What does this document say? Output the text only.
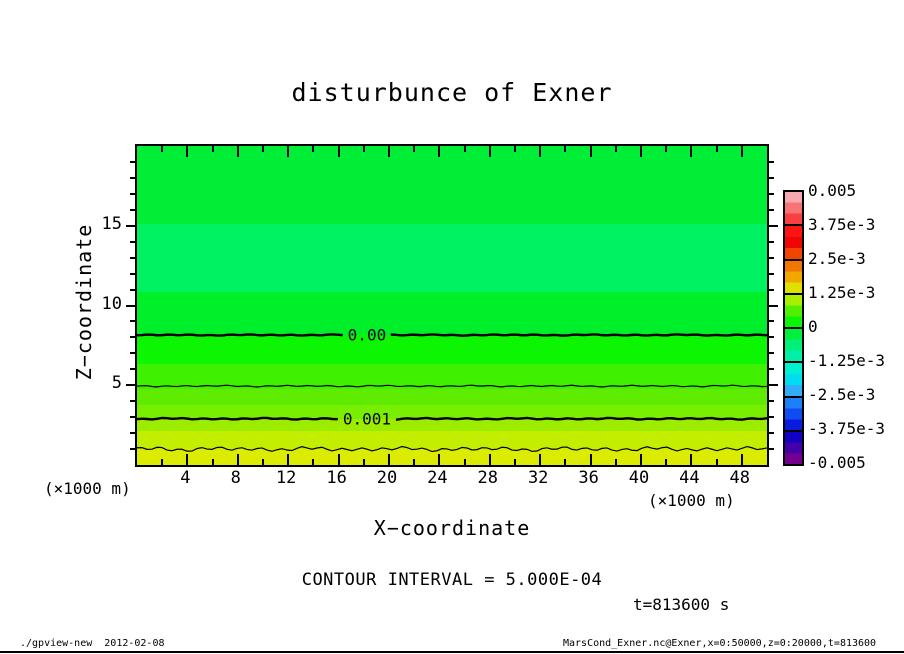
disturbunce of Exner
Z−coordinate	0.00
0.001
4	8	12	16	20	24	28	32	36	40	44	48
5
10
15
(×1000 m)
(×1000 m)
X−coordinate
CONTOUR INTERVAL = 5.000E-04
t=813600 s
0.005
3.75e-3
2.5e-3
1.25e-3
0
-1.25e-3
-2.5e-3
-3.75e-3
-0.005
./gpview-new  2012-02-08	MarsCond_Exner.nc@Exner,x=0:50000,z=0:20000,t=813600
